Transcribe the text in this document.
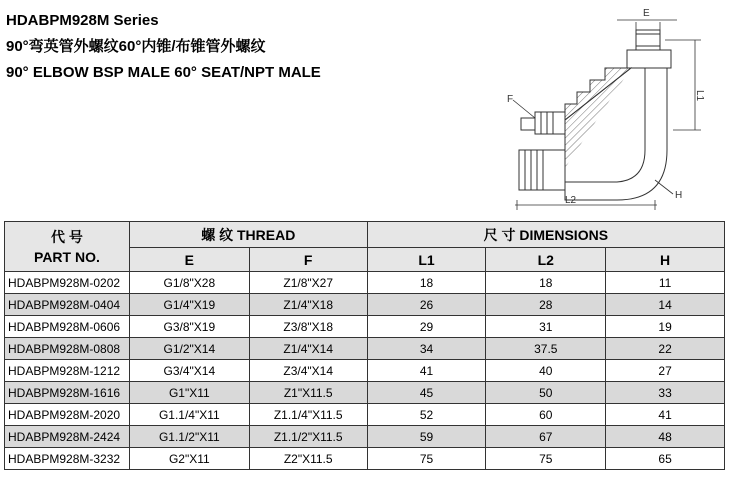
HDABPM928M Series
90°弯英管外螺纹60°内锥/布锥管外螺纹
90° ELBOW BSP MALE 60° SEAT/NPT MALE
E
F	L1
L2	H
代 号
PART NO.	螺 纹 THREAD		尺 寸 DIMENSIONS		
	E	F	L1	L2	H
HDABPM928M-0202	G1/8"X28	Z1/8"X27	18	18	11
HDABPM928M-0404	G1/4"X19	Z1/4"X18	26	28	14
HDABPM928M-0606	G3/8"X19	Z3/8"X18	29	31	19
HDABPM928M-0808	G1/2"X14	Z1/4"X14	34	37.5	22
HDABPM928M-1212	G3/4"X14	Z3/4"X14	41	40	27
HDABPM928M-1616	G1"X11	Z1"X11.5	45	50	33
HDABPM928M-2020	G1.1/4"X11	Z1.1/4"X11.5	52	60	41
HDABPM928M-2424	G1.1/2"X11	Z1.1/2"X11.5	59	67	48
HDABPM928M-3232	G2"X11	Z2"X11.5	75	75	65
